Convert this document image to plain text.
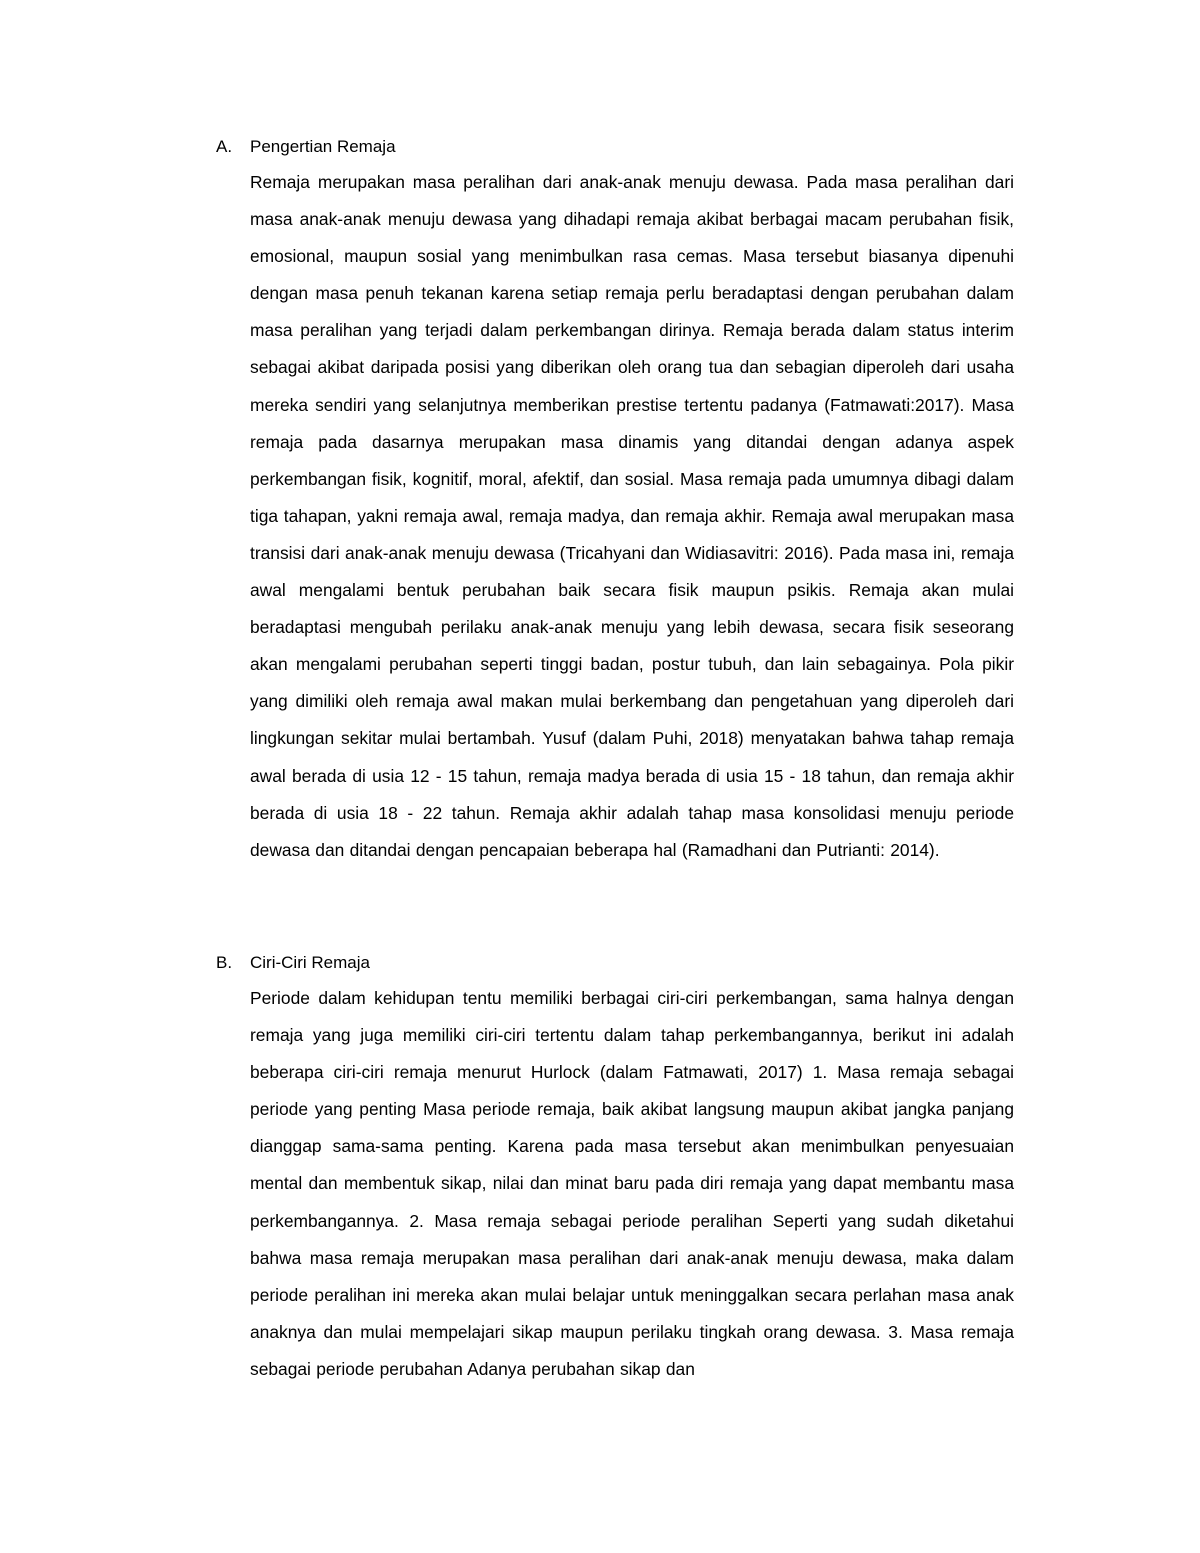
A.	Pengertian Remaja
Remaja merupakan masa peralihan dari anak-anak menuju dewasa. Pada masa peralihan dari masa anak-anak menuju dewasa yang dihadapi remaja akibat berbagai macam perubahan fisik, emosional, maupun sosial yang menimbulkan rasa cemas. Masa tersebut biasanya dipenuhi dengan masa penuh tekanan karena setiap remaja perlu beradaptasi dengan perubahan dalam masa peralihan yang terjadi dalam perkembangan dirinya. Remaja berada dalam status interim sebagai akibat daripada posisi yang diberikan oleh orang tua dan sebagian diperoleh dari usaha mereka sendiri yang selanjutnya memberikan prestise tertentu padanya (Fatmawati:2017). Masa remaja pada dasarnya merupakan masa dinamis yang ditandai dengan adanya aspek perkembangan fisik, kognitif, moral, afektif, dan sosial. Masa remaja pada umumnya dibagi dalam tiga tahapan, yakni remaja awal, remaja madya, dan remaja akhir. Remaja awal merupakan masa transisi dari anak-anak menuju dewasa (Tricahyani dan Widiasavitri: 2016). Pada masa ini, remaja awal mengalami bentuk perubahan baik secara fisik maupun psikis. Remaja akan mulai beradaptasi mengubah perilaku anak-anak menuju yang lebih dewasa, secara fisik seseorang akan mengalami perubahan seperti tinggi badan, postur tubuh, dan lain sebagainya. Pola pikir yang dimiliki oleh remaja awal makan mulai berkembang dan pengetahuan yang diperoleh dari lingkungan sekitar mulai bertambah. Yusuf (dalam Puhi, 2018) menyatakan bahwa tahap remaja awal berada di usia 12 - 15 tahun, remaja madya berada di usia 15 - 18 tahun, dan remaja akhir berada di usia 18 - 22 tahun. Remaja akhir adalah tahap masa konsolidasi menuju periode dewasa dan ditandai dengan pencapaian beberapa hal (Ramadhani dan Putrianti: 2014).
B.	Ciri-Ciri Remaja
Periode dalam kehidupan tentu memiliki berbagai ciri-ciri perkembangan, sama halnya dengan remaja yang juga memiliki ciri-ciri tertentu dalam tahap perkembangannya, berikut ini adalah beberapa ciri-ciri remaja menurut Hurlock (dalam Fatmawati, 2017) 1. Masa remaja sebagai periode yang penting Masa periode remaja, baik akibat langsung maupun akibat jangka panjang dianggap sama-sama penting. Karena pada masa tersebut akan menimbulkan penyesuaian mental dan membentuk sikap, nilai dan minat baru pada diri remaja yang dapat membantu masa perkembangannya. 2. Masa remaja sebagai periode peralihan Seperti yang sudah diketahui bahwa masa remaja merupakan masa peralihan dari anak-anak menuju dewasa, maka dalam periode peralihan ini mereka akan mulai belajar untuk meninggalkan secara perlahan masa anak anaknya dan mulai mempelajari sikap maupun perilaku tingkah orang dewasa. 3. Masa remaja sebagai periode perubahan Adanya perubahan sikap dan
